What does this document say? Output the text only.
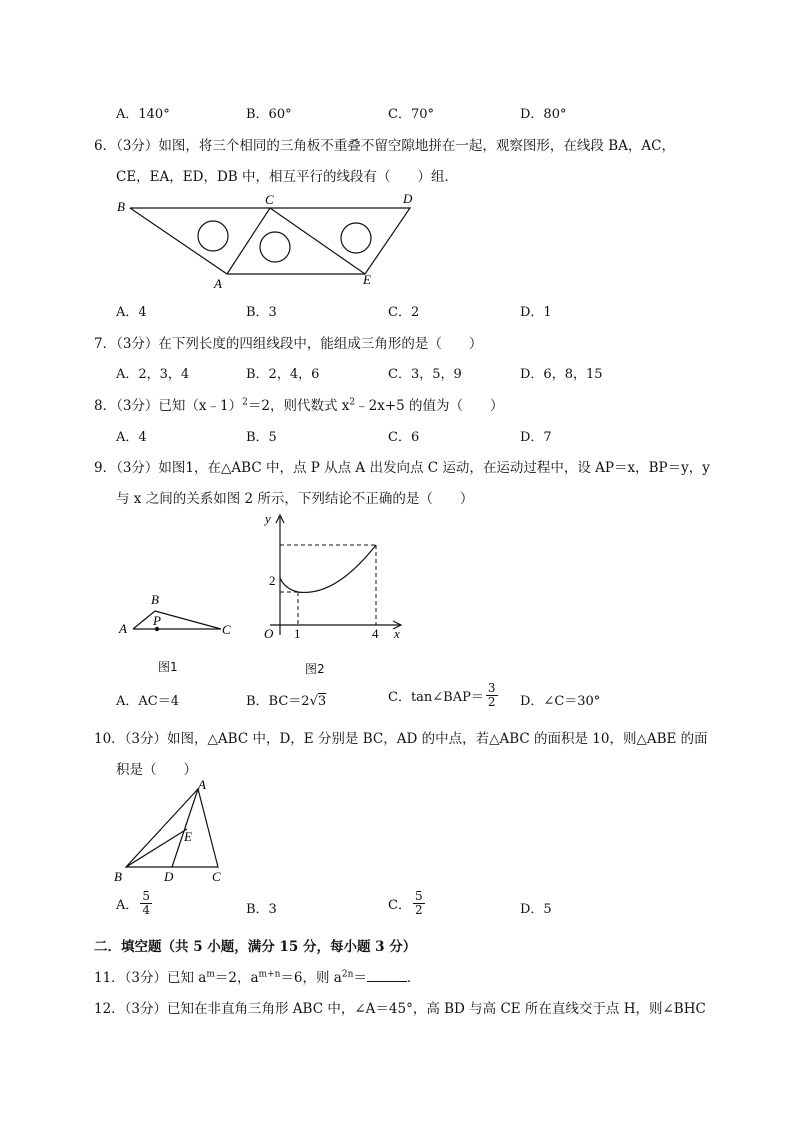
A．140°	B．60°	C．70°	D．80°
6．（3分）如图，将三个相同的三角板不重叠不留空隙地拼在一起，观察图形，在线段 BA，AC，
CE，EA，ED，DB 中，相互平行的线段有（　　）组．
B	C	D
A	E
A．4	B．3	C．2	D．1
7．（3分）在下列长度的四组线段中，能组成三角形的是（　　）
A．2，3，4	B．2，4，6	C．3，5，9	D．6，8，15
8．（3分）已知（x﹣1）$^2$＝2，则代数式 $x^2﹣2x+5$ 的值为（　　）
A．4	B．5	C．6	D．7
9．（3分）如图1，在△ABC 中，点 P 从点 A 出发向点 C 运动，在运动过程中，设 AP＝x，BP＝y，y
与 x 之间的关系如图 2 所示，下列结论不正确的是（　　）
A
B
P
C
图1
y
x
O
2
1	4
图2
A．AC＝4	B．BC＝2√3	C．tan∠BAP＝ $\frac{3}{2}$ D．∠C＝30°
10．（3分）如图，△ABC 中，D，E 分别是 BC，AD 的中点，若△ABC 的面积是 10，则△ABE 的面
积是（　　）
A
E
B	D	C
A． $\frac{5}{4}$	B．3	C． $\frac{5}{2}$	D．5
二．填空题（共 5 小题，满分 15 分，每小题 3 分）
11．（3分）已知 $a^m=2$，$a^{m+n}=6$，则 $a^{2n}=$	．
12．（3分）已知在非直角三角形 ABC 中，∠A＝45°，高 BD 与高 CE 所在直线交于点 H，则∠BHC
